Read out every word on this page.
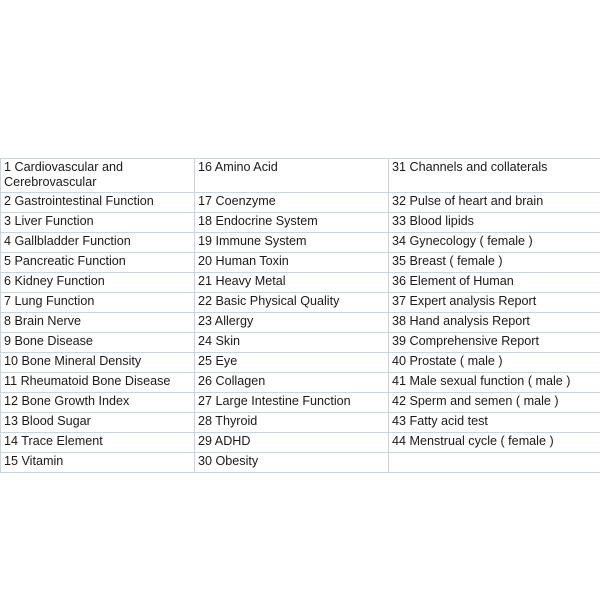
1 Cardiovascular and Cerebrovascular	16 Amino Acid	31 Channels and collaterals
2 Gastrointestinal Function	17 Coenzyme	32 Pulse of heart and brain
3 Liver Function	18 Endocrine System	33 Blood lipids
4 Gallbladder Function	19 Immune System	34 Gynecology ( female )
5 Pancreatic Function	20 Human Toxin	35 Breast ( female )
6 Kidney Function	21 Heavy Metal	36 Element of Human
7 Lung Function	22 Basic Physical Quality	37 Expert analysis Report
8 Brain Nerve	23 Allergy	38 Hand analysis Report
9 Bone Disease	24 Skin	39 Comprehensive Report
10 Bone Mineral Density	25 Eye	40 Prostate ( male )
11 Rheumatoid Bone Disease	26 Collagen	41 Male sexual function ( male )
12 Bone Growth Index	27 Large Intestine Function	42 Sperm and semen ( male )
13 Blood Sugar	28 Thyroid	43 Fatty acid test
14 Trace Element	29 ADHD	44 Menstrual cycle ( female )
15 Vitamin	30 Obesity	
